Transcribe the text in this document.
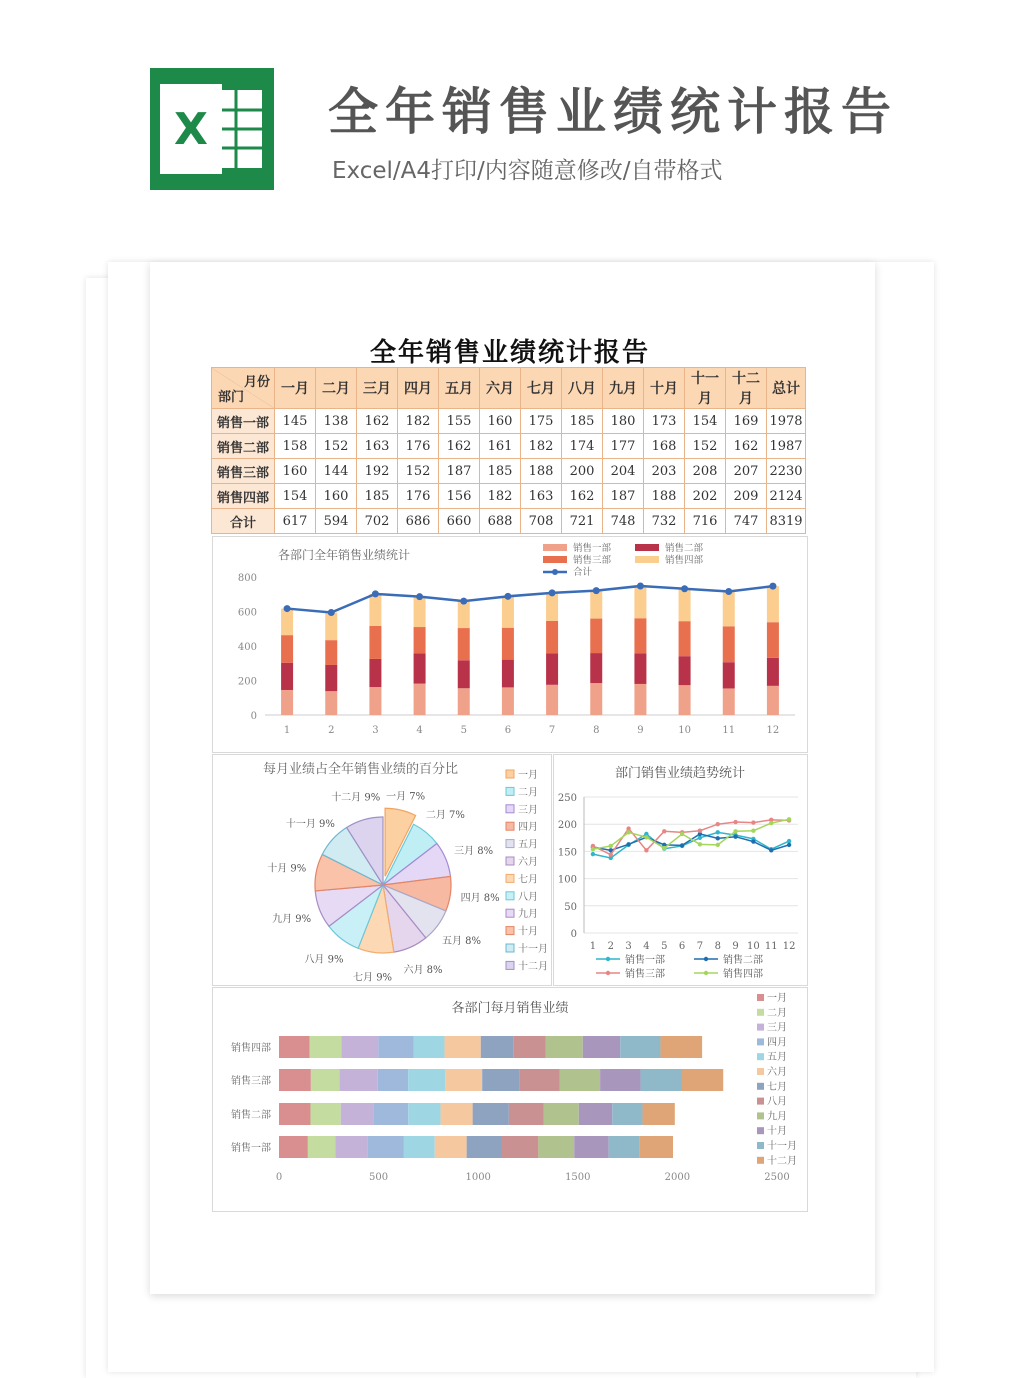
X 全年销售业绩统计报告
Excel/A4打印/内容随意修改/自带格式
全年销售业绩统计报告
月份
部门	一月	二月	三月	四月	五月	六月	七月	八月	九月	十月	十一月	十二月	总计
销售一部	145	138	162	182	155	160	175	185	180	173	154	169	1978
销售二部	158	152	163	176	162	161	182	174	177	168	152	162	1987
销售三部	160	144	192	152	187	185	188	200	204	203	208	207	2230
销售四部	154	160	185	176	156	182	163	162	187	188	202	209	2124
合计	617	594	702	686	660	688	708	721	748	732	716	747	8319
各部门全年销售业绩统计
0
200
400
600
800
1	2	3	4	5	6	7	8	9	10	11	12
销售一部	销售二部
销售三部	销售四部
合计
每月业绩占全年销售业绩的百分比
一月 7%
二月 7%
三月 8%
四月 8%
五月 8%
六月 8%
七月 9%
八月 9%
九月 9%
十月 9%
十一月 9%
十二月 9%
一月
二月
三月
四月
五月
六月
七月
八月
九月
十月
十一月
十二月
部门销售业绩趋势统计
0
50
100
150
200
250
1 2 3 4 5 6 7 8 9 10 11 12
销售一部	销售二部
销售三部	销售四部
各部门每月销售业绩
销售四部
销售三部
销售二部
销售一部
0	500	1000	1500	2000	2500
一月
二月
三月
四月
五月
六月
七月
八月
九月
十月
十一月
十二月
